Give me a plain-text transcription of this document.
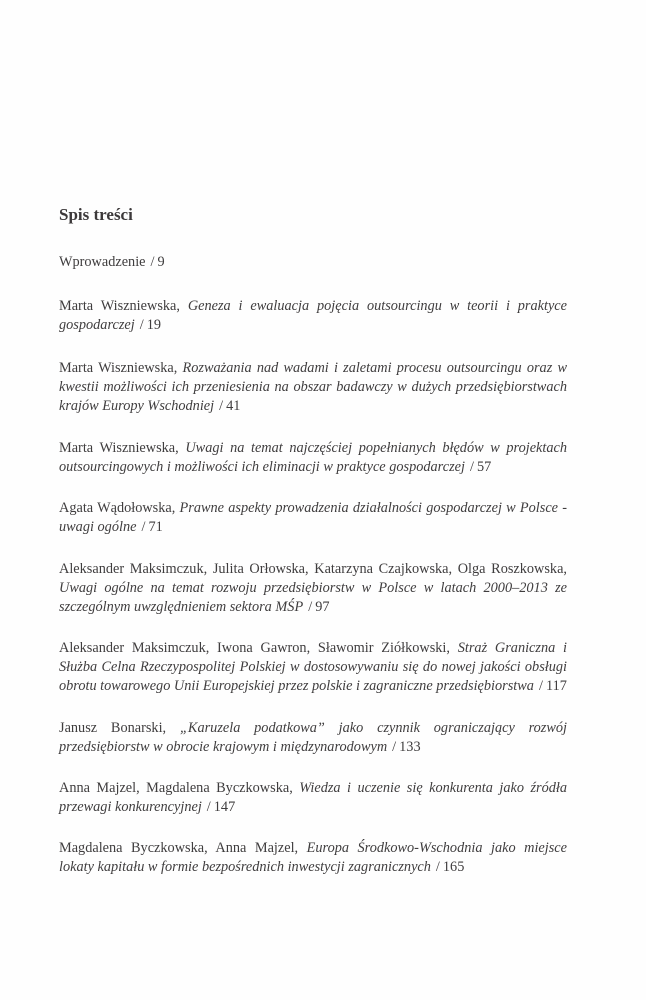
Spis treści
Wprowadzenie / 9
Marta Wiszniewska, Geneza i ewaluacja pojęcia outsourcingu w teorii i praktyce gospodarczej / 19
Marta Wiszniewska, Rozważania nad wadami i zaletami procesu outsourcingu oraz w kwestii możliwości ich przeniesienia na obszar badawczy w dużych przedsiębiorstwach krajów Europy Wschodniej / 41
Marta Wiszniewska, Uwagi na temat najczęściej popełnianych błędów w projektach outsourcingowych i możliwości ich eliminacji w praktyce gospodarczej / 57
Agata Wądołowska, Prawne aspekty prowadzenia działalności gospodarczej w Polsce - uwagi ogólne / 71
Aleksander Maksimczuk, Julita Orłowska, Katarzyna Czajkowska, Olga Roszkowska, Uwagi ogólne na temat rozwoju przedsiębiorstw w Polsce w latach 2000–2013 ze szczególnym uwzględnieniem sektora MŚP / 97
Aleksander Maksimczuk, Iwona Gawron, Sławomir Ziółkowski, Straż Graniczna i Służba Celna Rzeczypospolitej Polskiej w dostosowywaniu się do nowej jakości obsługi obrotu towarowego Unii Europejskiej przez polskie i zagraniczne przedsiębiorstwa / 117
Janusz Bonarski, „Karuzela podatkowa” jako czynnik ograniczający rozwój przedsiębiorstw w obrocie krajowym i międzynarodowym / 133
Anna Majzel, Magdalena Byczkowska, Wiedza i uczenie się konkurenta jako źródła przewagi konkurencyjnej / 147
Magdalena Byczkowska, Anna Majzel, Europa Środkowo-Wschodnia jako miejsce lokaty kapitału w formie bezpośrednich inwestycji zagranicznych / 165
